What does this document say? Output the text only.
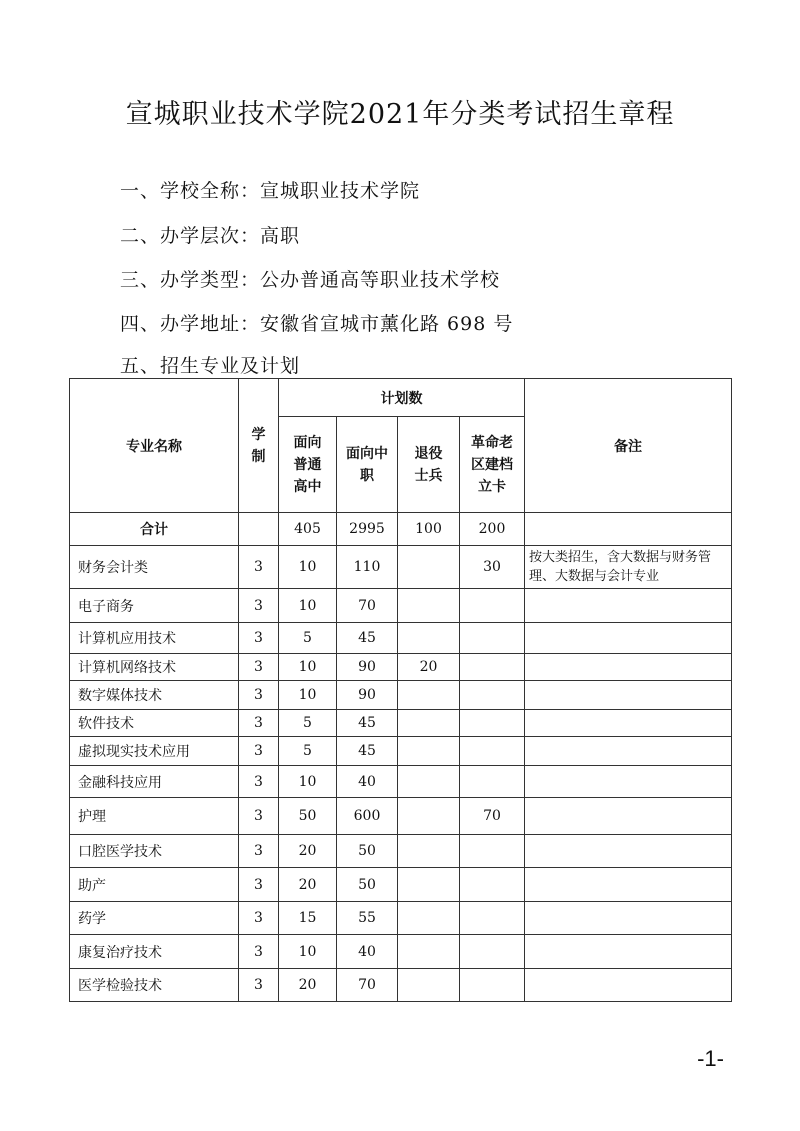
宣城职业技术学院2021年分类考试招生章程
一、学校全称：宣城职业技术学院
二、办学层次：高职
三、办学类型：公办普通高等职业技术学校
四、办学地址：安徽省宣城市薰化路 698 号
五、招生专业及计划
专业名称	学制	计划数				备注

		面向普通高中	面向中职	退役士兵	革命老区建档立卡	

合计		405	2995	100	200	
财务会计类	3	10	110		30	按大类招生，含大数据与财务管理、大数据与会计专业
电子商务	3	10	70			
计算机应用技术	3	5	45			
计算机网络技术	3	10	90	20		
数字媒体技术	3	10	90			
软件技术	3	5	45			
虚拟现实技术应用	3	5	45			
金融科技应用	3	10	40			
护理	3	50	600		70	
口腔医学技术	3	20	50			
助产	3	20	50			
药学	3	15	55			
康复治疗技术	3	10	40			
医学检验技术	3	20	70			
-1-
